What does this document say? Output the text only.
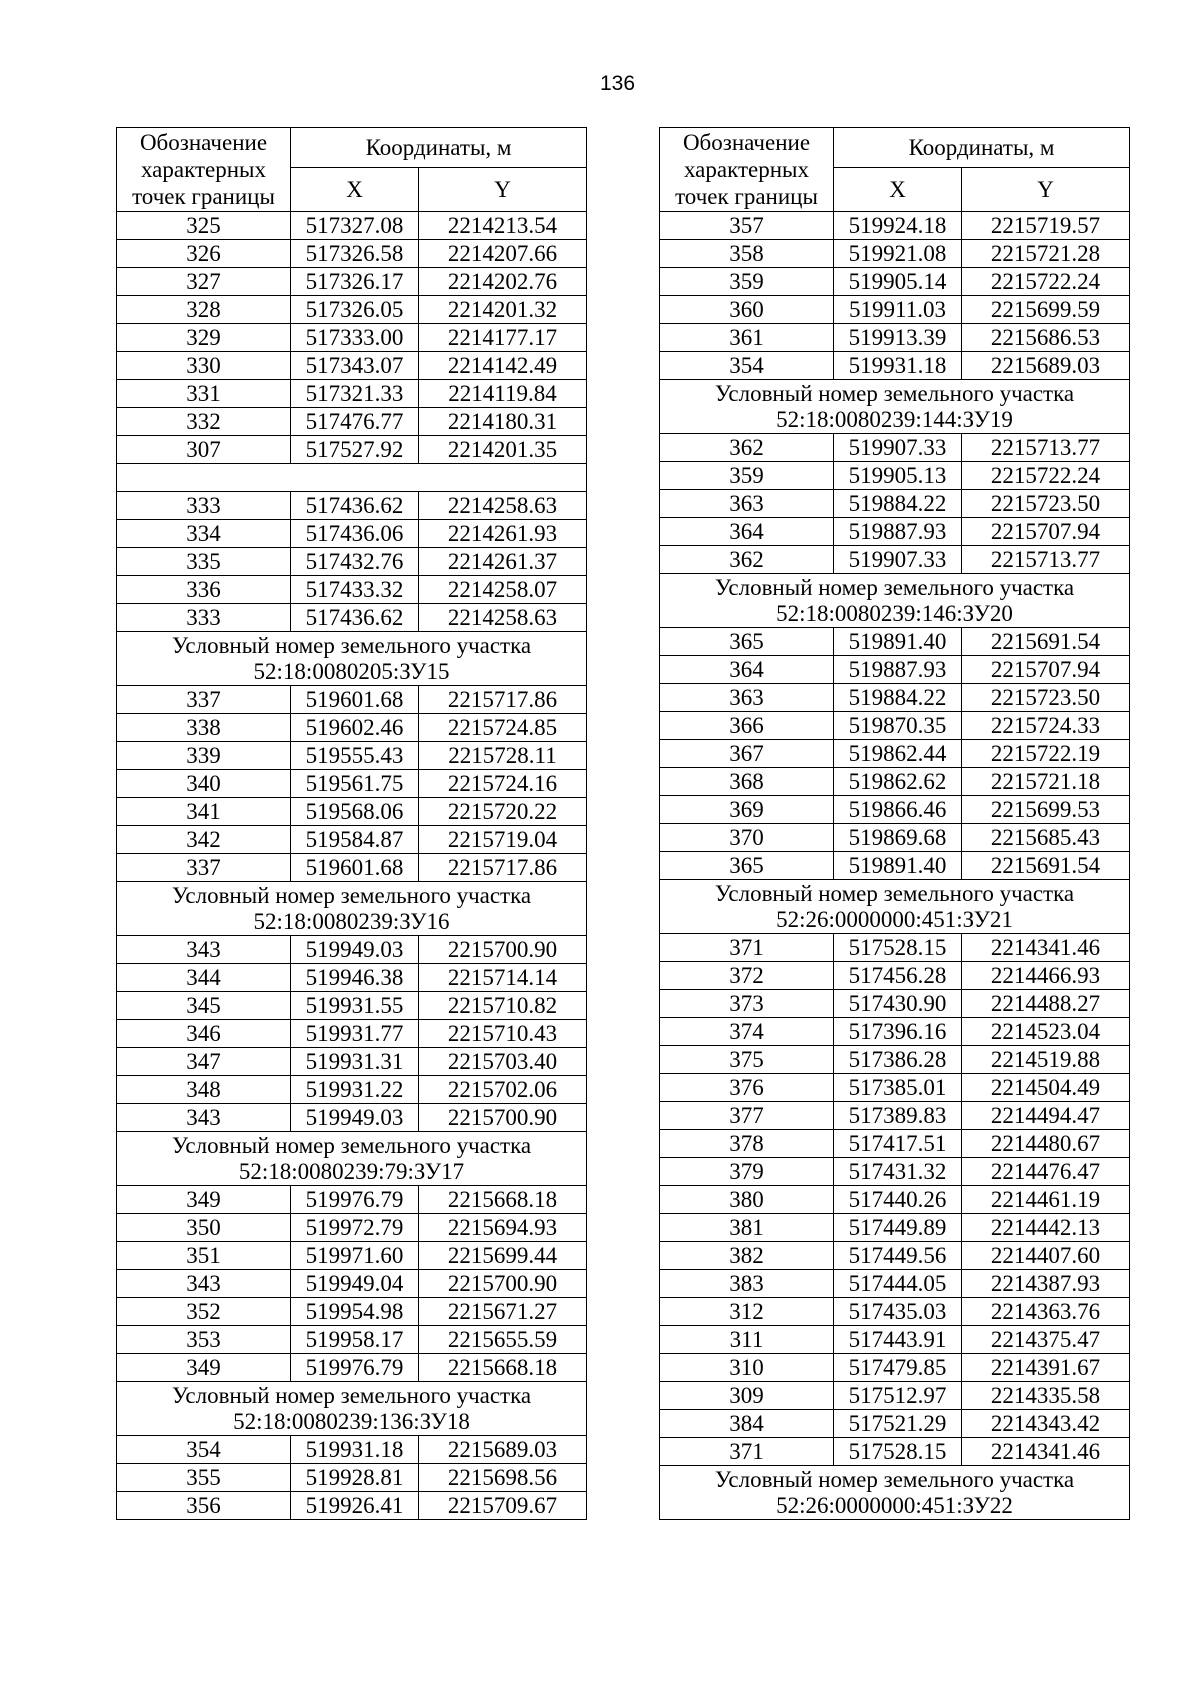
136
Обозначение характерных точек границы	Координаты, м	
	X	Y
325	517327.08	2214213.54
326	517326.58	2214207.66
327	517326.17	2214202.76
328	517326.05	2214201.32
329	517333.00	2214177.17
330	517343.07	2214142.49
331	517321.33	2214119.84
332	517476.77	2214180.31
307	517527.92	2214201.35

333	517436.62	2214258.63
334	517436.06	2214261.93
335	517432.76	2214261.37
336	517433.32	2214258.07
333	517436.62	2214258.63
Условный номер земельного участка 52:18:0080205:ЗУ15		
337	519601.68	2215717.86
338	519602.46	2215724.85
339	519555.43	2215728.11
340	519561.75	2215724.16
341	519568.06	2215720.22
342	519584.87	2215719.04
337	519601.68	2215717.86
Условный номер земельного участка 52:18:0080239:ЗУ16		
343	519949.03	2215700.90
344	519946.38	2215714.14
345	519931.55	2215710.82
346	519931.77	2215710.43
347	519931.31	2215703.40
348	519931.22	2215702.06
343	519949.03	2215700.90
Условный номер земельного участка 52:18:0080239:79:ЗУ17		
349	519976.79	2215668.18
350	519972.79	2215694.93
351	519971.60	2215699.44
343	519949.04	2215700.90
352	519954.98	2215671.27
353	519958.17	2215655.59
349	519976.79	2215668.18
Условный номер земельного участка 52:18:0080239:136:ЗУ18		
354	519931.18	2215689.03
355	519928.81	2215698.56
356	519926.41	2215709.67
Обозначение характерных точек границы	Координаты, м	
	X	Y
357	519924.18	2215719.57
358	519921.08	2215721.28
359	519905.14	2215722.24
360	519911.03	2215699.59
361	519913.39	2215686.53
354	519931.18	2215689.03
Условный номер земельного участка 52:18:0080239:144:ЗУ19		
362	519907.33	2215713.77
359	519905.13	2215722.24
363	519884.22	2215723.50
364	519887.93	2215707.94
362	519907.33	2215713.77
Условный номер земельного участка 52:18:0080239:146:ЗУ20		
365	519891.40	2215691.54
364	519887.93	2215707.94
363	519884.22	2215723.50
366	519870.35	2215724.33
367	519862.44	2215722.19
368	519862.62	2215721.18
369	519866.46	2215699.53
370	519869.68	2215685.43
365	519891.40	2215691.54
Условный номер земельного участка 52:26:0000000:451:ЗУ21		
371	517528.15	2214341.46
372	517456.28	2214466.93
373	517430.90	2214488.27
374	517396.16	2214523.04
375	517386.28	2214519.88
376	517385.01	2214504.49
377	517389.83	2214494.47
378	517417.51	2214480.67
379	517431.32	2214476.47
380	517440.26	2214461.19
381	517449.89	2214442.13
382	517449.56	2214407.60
383	517444.05	2214387.93
312	517435.03	2214363.76
311	517443.91	2214375.47
310	517479.85	2214391.67
309	517512.97	2214335.58
384	517521.29	2214343.42
371	517528.15	2214341.46
Условный номер земельного участка 52:26:0000000:451:ЗУ22		
